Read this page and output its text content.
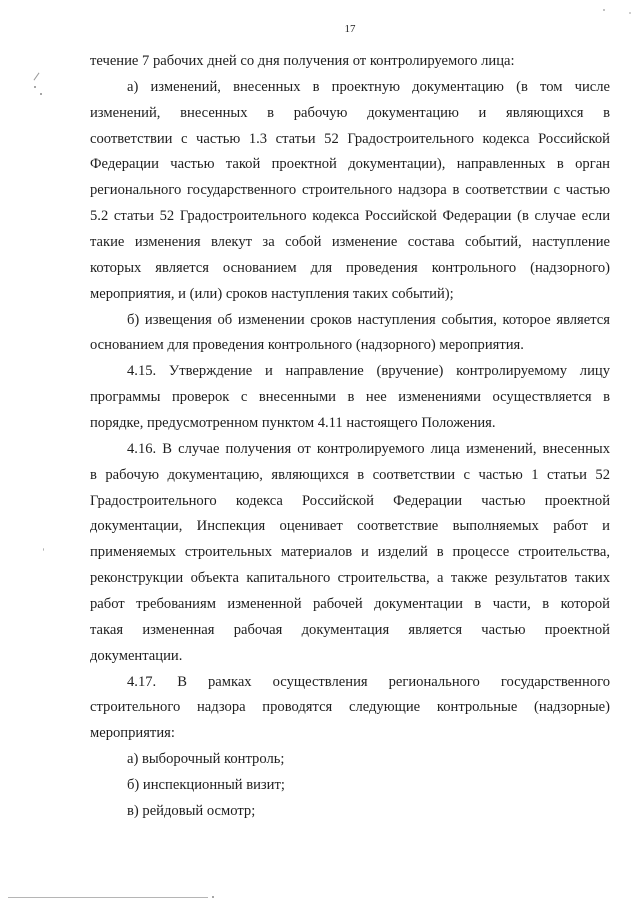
17
течение 7 рабочих дней со дня получения от контролируемого лица:
а) изменений, внесенных в проектную документацию (в том числе
изменений, внесенных в рабочую документацию и являющихся в
соответствии с частью 1.3 статьи 52 Градостроительного кодекса Российской
Федерации частью такой проектной документации), направленных в орган
регионального государственного строительного надзора в соответствии с частью
5.2 статьи 52 Градостроительного кодекса Российской Федерации (в случае если
такие изменения влекут за собой изменение состава событий, наступление
которых является основанием для проведения контрольного (надзорного)
мероприятия, и (или) сроков наступления таких событий);
б) извещения об изменении сроков наступления события, которое является
основанием для проведения контрольного (надзорного) мероприятия.
4.15. Утверждение и направление (вручение) контролируемому лицу
программы проверок с внесенными в нее изменениями осуществляется в
порядке, предусмотренном пунктом 4.11 настоящего Положения.
4.16. В случае получения от контролируемого лица изменений, внесенных
в рабочую документацию, являющихся в соответствии с частью 1 статьи 52
Градостроительного кодекса Российской Федерации частью проектной
документации, Инспекция оценивает соответствие выполняемых работ и
применяемых строительных материалов и изделий в процессе строительства,
реконструкции объекта капитального строительства, а также результатов таких
работ требованиям измененной рабочей документации в части, в которой
такая измененная рабочая документация является частью проектной
документации.
4.17. В рамках осуществления регионального государственного
строительного надзора проводятся следующие контрольные (надзорные)
мероприятия:
а) выборочный контроль;
б) инспекционный визит;
в) рейдовый осмотр;
